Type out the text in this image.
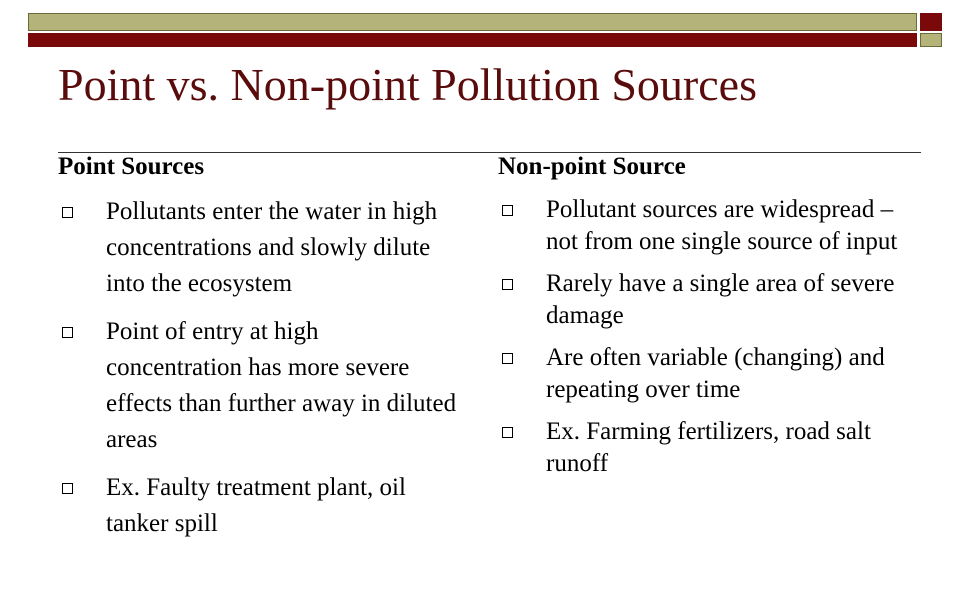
Point vs. Non-point Pollution Sources
Point Sources
Pollutants enter the water in high concentrations and slowly dilute into the ecosystem
Point of entry at high concentration has more severe effects than further away in diluted areas
Ex. Faulty treatment plant, oil tanker spill
Non-point Source
Pollutant sources are widespread – not from one single source of input
Rarely have a single area of severe damage
Are often variable (changing) and repeating over time
Ex. Farming fertilizers, road salt runoff
